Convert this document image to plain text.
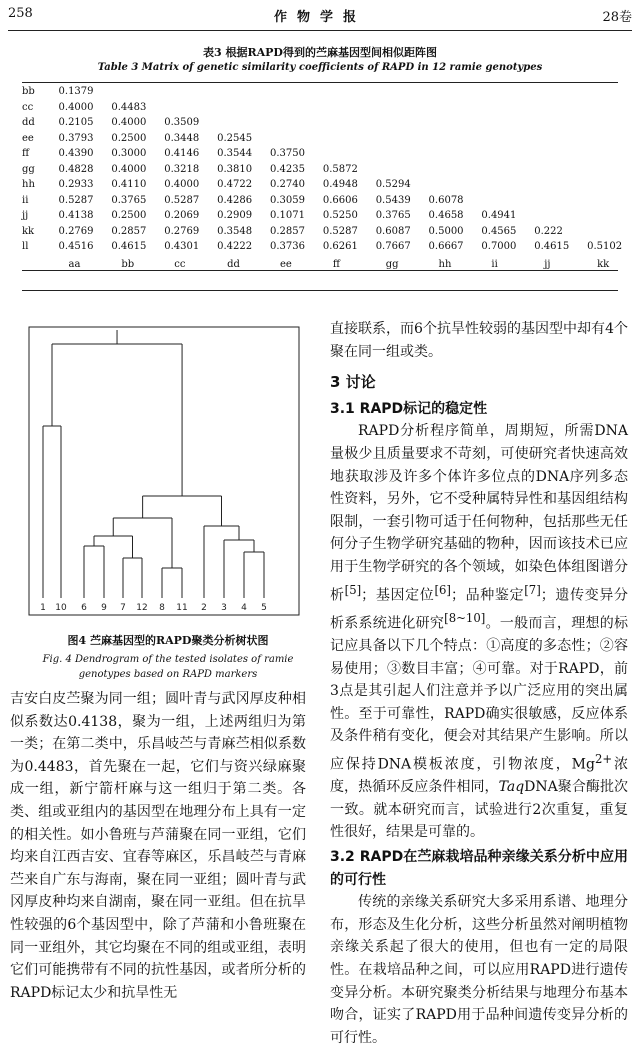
258	作物学报	28卷
表3 根据RAPD得到的苎麻基因型间相似距阵图
Table 3 Matrix of genetic similarity coefficients of RAPD in 12 ramie genotypes
bb	0.1379										
cc	0.4000	0.4483									
dd	0.2105	0.4000	0.3509								
ee	0.3793	0.2500	0.3448	0.2545							
ff	0.4390	0.3000	0.4146	0.3544	0.3750						
gg	0.4828	0.4000	0.3218	0.3810	0.4235	0.5872					
hh	0.2933	0.4110	0.4000	0.4722	0.2740	0.4948	0.5294				
ii	0.5287	0.3765	0.5287	0.4286	0.3059	0.6606	0.5439	0.6078			
jj	0.4138	0.2500	0.2069	0.2909	0.1071	0.5250	0.3765	0.4658	0.4941		
kk	0.2769	0.2857	0.2769	0.3548	0.2857	0.5287	0.6087	0.5000	0.4565	0.222	
ll	0.4516	0.4615	0.4301	0.4222	0.3736	0.6261	0.7667	0.6667	0.7000	0.4615	0.5102
	aa	bb	cc	dd	ee	ff	gg	hh	ii	jj	kk
1 10 6 9 7 12 8 11 2 3 4 5
图4 苎麻基因型的RAPD聚类分析树状图
Fig. 4 Dendrogram of the tested isolates of ramie
genotypes based on RAPD markers

吉安白皮苎聚为同一组；圆叶青与武冈厚皮种相似系数达0.4138，聚为一组，上述两组归为第一类；在第二类中，乐昌岐苎与青麻苎相似系数为0.4483，首先聚在一起，它们与资兴绿麻聚成一组，新宁箭杆麻与这一组归于第二类。各类、组或亚组内的基因型在地理分布上具有一定的相关性。如小鲁班与芦蒲聚在同一亚组，它们均来自江西吉安、宜春等麻区，乐昌岐苎与青麻苎来自广东与海南，聚在同一亚组；圆叶青与武冈厚皮种均来自湖南，聚在同一亚组。但在抗旱性较强的6个基因型中，除了芦蒲和小鲁班聚在同一亚组外，其它均聚在不同的组或亚组，表明它们可能携带有不同的抗性基因，或者所分析的RAPD标记太少和抗旱性无

直接联系，而6个抗旱性较弱的基因型中却有4个聚在同一组或类。

3 讨论

3.1 RAPD标记的稳定性

RAPD分析程序简单，周期短，所需DNA量极少且质量要求不苛刻，可使研究者快速高效地获取涉及许多个体许多位点的DNA序列多态性资料，另外，它不受种属特异性和基因组结构限制，一套引物可适于任何物种，包括那些无任何分子生物学研究基础的物种，因而该技术已应用于生物学研究的各个领域，如染色体组图谱分析[5]；基因定位[6]；品种鉴定[7]；遗传变异分析系系统进化研究[8~10]。一般而言，理想的标记应具备以下几个特点：①高度的多态性；②容易使用；③数目丰富；④可靠。对于RAPD，前3点是其引起人们注意并予以广泛应用的突出属性。至于可靠性，RAPD确实很敏感，反应体系及条件稍有变化，便会对其结果产生影响。所以应保持DNA模板浓度，引物浓度，$Mg^{2+}$浓度，热循环反应条件相同，TaqDNA聚合酶批次一致。就本研究而言，试验进行2次重复，重复性很好，结果是可靠的。

3.2 RAPD在苎麻栽培品种亲缘关系分析中应用的可行性

传统的亲缘关系研究大多采用系谱、地理分布，形态及生化分析，这些分析虽然对阐明植物亲缘关系起了很大的使用，但也有一定的局限性。在栽培品种之间，可以应用RAPD进行遗传变异分析。本研究聚类分析结果与地理分布基本吻合，证实了RAPD用于品种间遗传变异分析的可行性。
